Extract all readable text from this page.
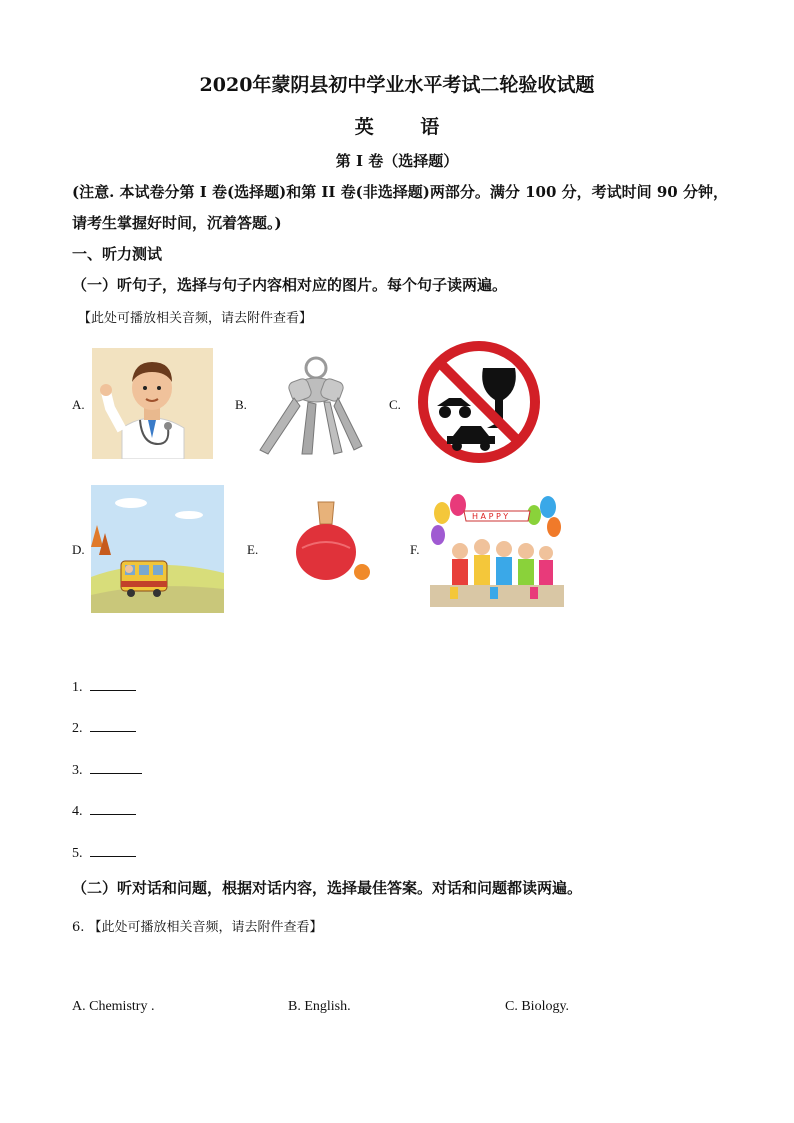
2020年蒙阴县初中学业水平考试二轮验收试题
英 语
第 I 卷（选择题）
(注意. 本试卷分第 I 卷(选择题)和第 II 卷(非选择题)两部分。满分 100 分，考试时间 90 分钟，
请考生掌握好时间，沉着答题。)
一、听力测试
（一）听句子，选择与句子内容相对应的图片。每个句子读两遍。
【此处可播放相关音频，请去附件查看】
A.	B.	C.
D.	E.	F.
H A P P Y
1.
2.
3.
4.
5.
（二）听对话和问题，根据对话内容，选择最佳答案。对话和问题都读两遍。
6. 【此处可播放相关音频，请去附件查看】
A. Chemistry .	B. English.	C. Biology.
